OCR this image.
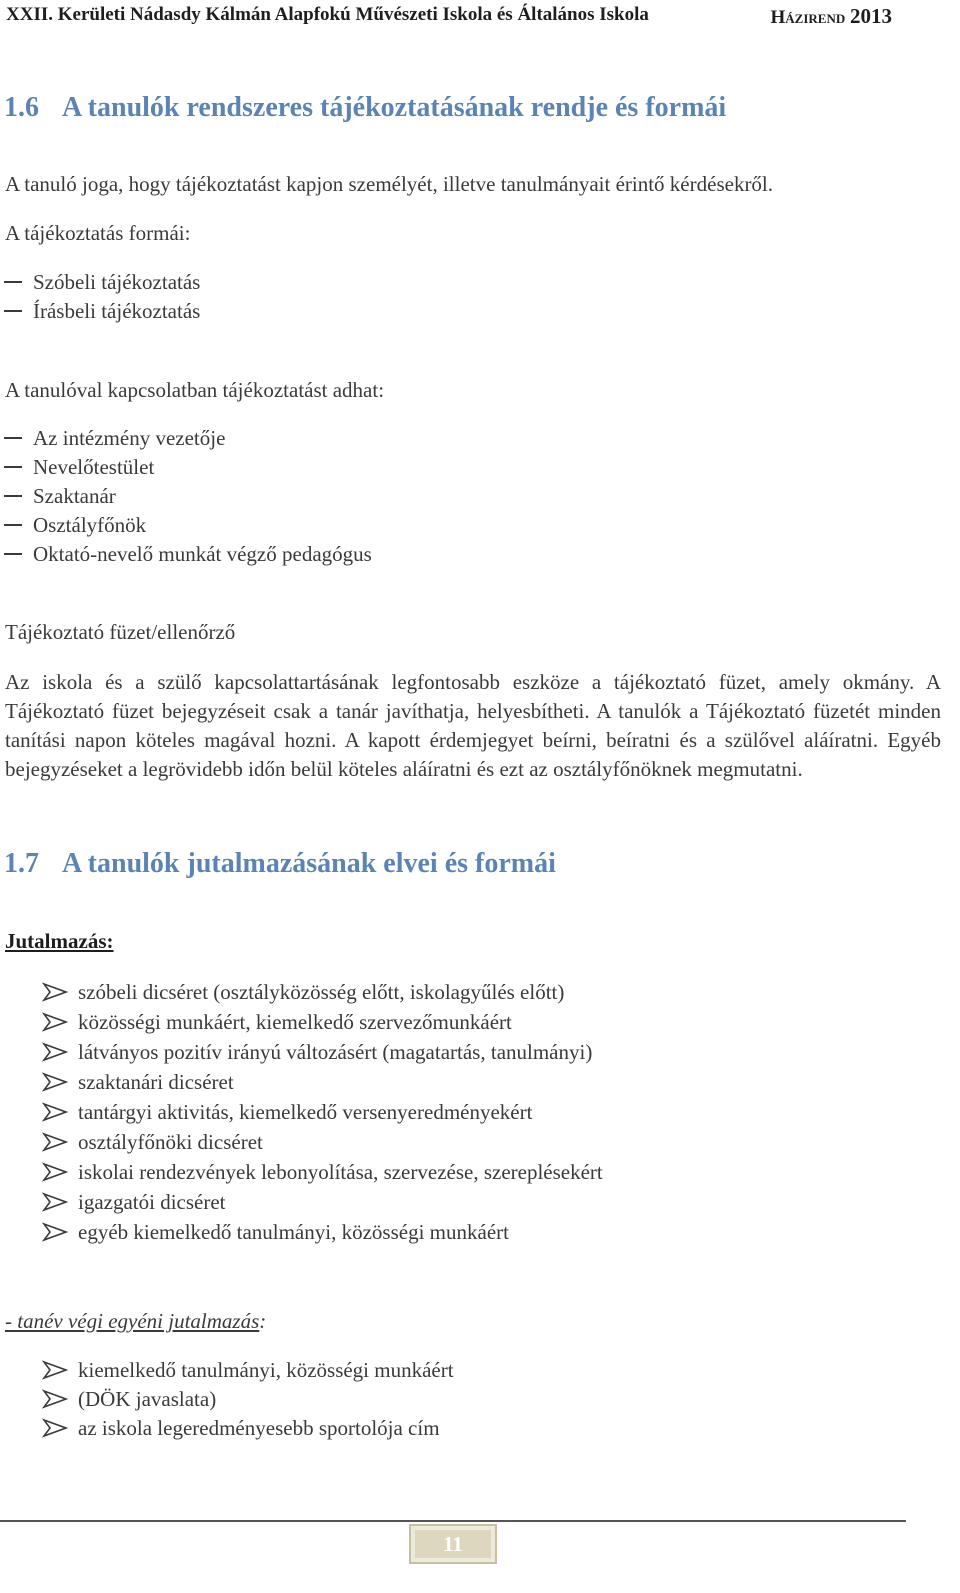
XXII. Kerületi Nádasdy Kálmán Alapfokú Művészeti Iskola és Általános Iskola	Házirend 2013
1.6 A tanulók rendszeres tájékoztatásának rendje és formái
A tanuló joga, hogy tájékoztatást kapjon személyét, illetve tanulmányait érintő kérdésekről.
A tájékoztatás formái:
Szóbeli tájékoztatás
Írásbeli tájékoztatás
A tanulóval kapcsolatban tájékoztatást adhat:
Az intézmény vezetője
Nevelőtestület
Szaktanár
Osztályfőnök
Oktató-nevelő munkát végző pedagógus
Tájékoztató füzet/ellenőrző
Az iskola és a szülő kapcsolattartásának legfontosabb eszköze a tájékoztató füzet, amely okmány. A Tájékoztató füzet bejegyzéseit csak a tanár javíthatja, helyesbítheti. A tanulók a Tájékoztató füzetét minden tanítási napon köteles magával hozni. A kapott érdemjegyet beírni, beíratni és a szülővel aláíratni. Egyéb bejegyzéseket a legrövidebb időn belül köteles aláíratni és ezt az osztályfőnöknek megmutatni.
1.7 A tanulók jutalmazásának elvei és formái
Jutalmazás:
szóbeli dicséret (osztályközösség előtt, iskolagyűlés előtt)
közösségi munkáért, kiemelkedő szervezőmunkáért
látványos pozitív irányú változásért (magatartás, tanulmányi)
szaktanári dicséret
tantárgyi aktivitás, kiemelkedő versenyeredményekért
osztályfőnöki dicséret
iskolai rendezvények lebonyolítása, szervezése, szereplésekért
igazgatói dicséret
egyéb kiemelkedő tanulmányi, közösségi munkáért
- tanév végi egyéni jutalmazás:
kiemelkedő tanulmányi, közösségi munkáért
(DÖK javaslata)
az iskola legeredményesebb sportolója cím
11
